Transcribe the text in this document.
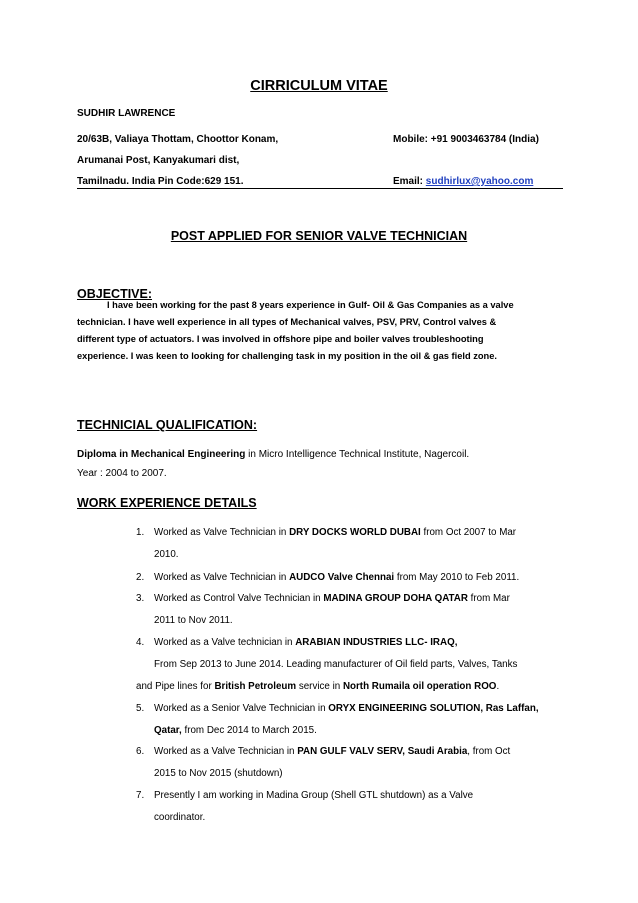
CIRRICULUM VITAE
SUDHIR LAWRENCE
20/63B, Valiaya Thottam, Choottor Konam,	Mobile: +91 9003463784 (India)
Arumanai Post, Kanyakumari dist,
Tamilnadu. India Pin Code:629 151.	Email: sudhirlux@yahoo.com
POST APPLIED FOR SENIOR VALVE TECHNICIAN
OBJECTIVE:

I have been working for the past 8 years experience in Gulf- Oil & Gas Companies as a valve

technician. I have well experience in all types of Mechanical valves, PSV, PRV, Control valves &

different type of actuators. I was involved in offshore pipe and boiler valves troubleshooting

experience. I was keen to looking for challenging task in my position in the oil & gas field zone.

TECHNICIAL QUALIFICATION:
Diploma in Mechanical Engineering in Micro Intelligence Technical Institute, Nagercoil.
Year : 2004 to 2007.
WORK EXPERIENCE DETAILS
1. Worked as Valve Technician in DRY DOCKS WORLD DUBAI from Oct 2007 to Mar
2010.
2. Worked as Valve Technician in AUDCO Valve Chennai from May 2010 to Feb 2011.
3. Worked as Control Valve Technician in MADINA GROUP DOHA QATAR from Mar
2011 to Nov 2011.
4. Worked as a Valve technician in ARABIAN INDUSTRIES LLC- IRAQ,
From Sep 2013 to June 2014. Leading manufacturer of Oil field parts, Valves, Tanks
and Pipe lines for British Petroleum service in North Rumaila oil operation ROO.
5. Worked as a Senior Valve Technician in ORYX ENGINEERING SOLUTION, Ras Laffan,
Qatar, from Dec 2014 to March 2015.
6. Worked as a Valve Technician in PAN GULF VALV SERV, Saudi Arabia, from Oct
2015 to Nov 2015 (shutdown)
7. Presently I am working in Madina Group (Shell GTL shutdown) as a Valve
coordinator.
